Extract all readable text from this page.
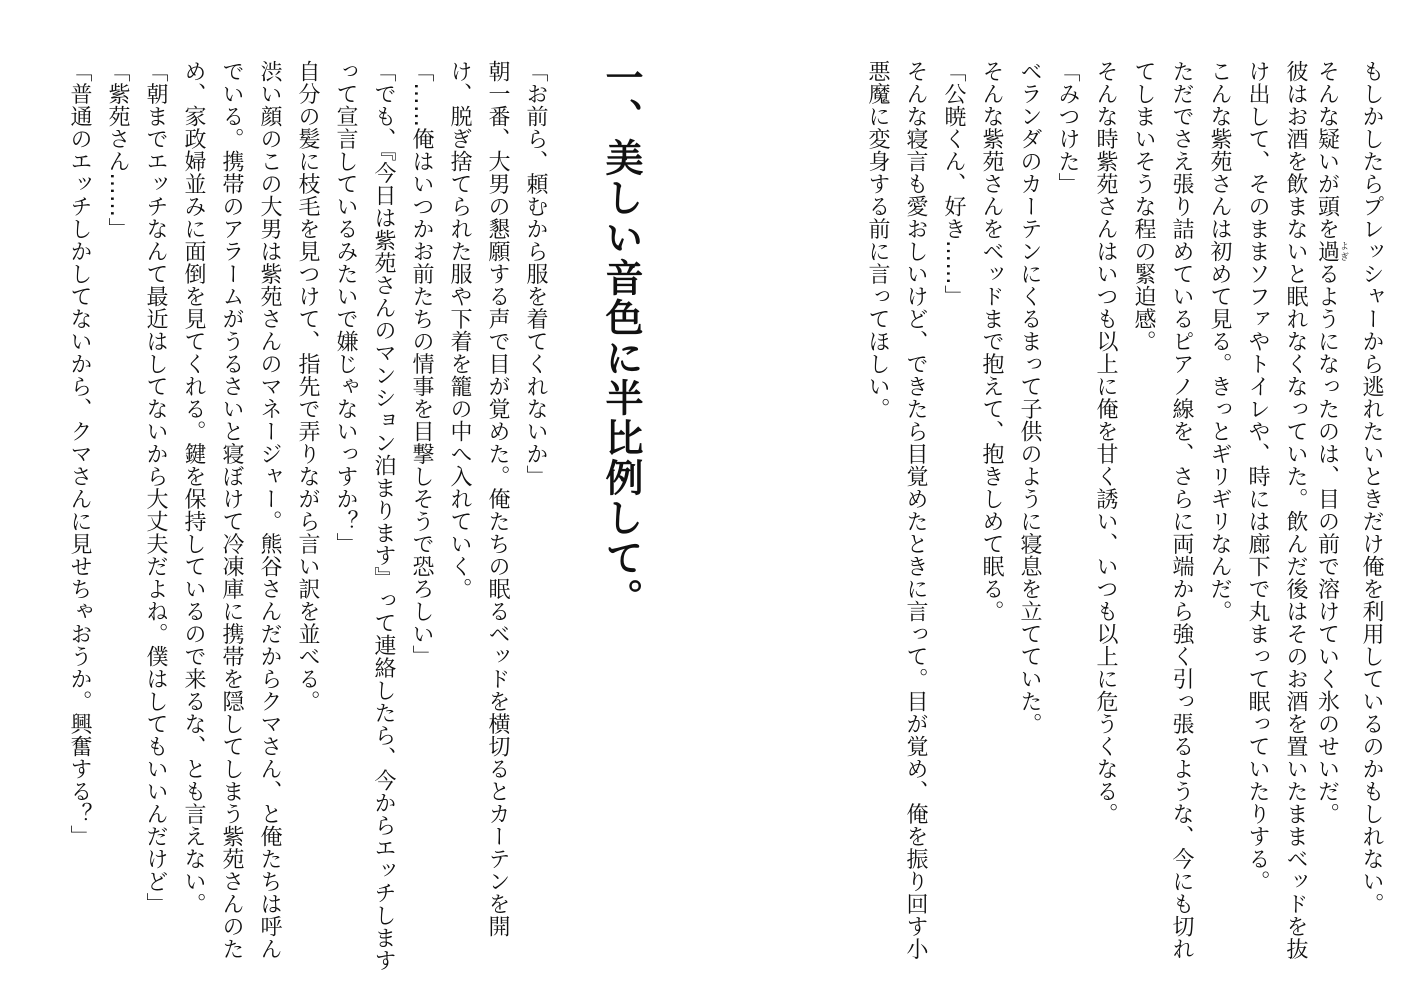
もしかしたらプレッシャーから逃れたいときだけ俺を利用しているのかもしれない。
そんな疑いが頭を過よぎるようになったのは、目の前で溶けていく氷のせいだ。
彼はお酒を飲まないと眠れなくなっていた。飲んだ後はそのお酒を置いたままベッドを抜
け出して、そのままソファやトイレや、時には廊下で丸まって眠っていたりする。
こんな紫苑さんは初めて見る。きっとギリギリなんだ。
ただでさえ張り詰めているピアノ線を、さらに両端から強く引っ張るような、今にも切れ
てしまいそうな程の緊迫感。
そんな時紫苑さんはいつも以上に俺を甘く誘い、いつも以上に危うくなる。
「みつけた」
ベランダのカーテンにくるまって子供のように寝息を立てていた。
そんな紫苑さんをベッドまで抱えて、抱きしめて眠る。
「公暁くん、好き……」
そんな寝言も愛おしいけど、できたら目覚めたときに言って。目が覚め、俺を振り回す小
悪魔に変身する前に言ってほしい。
一、美しい音色に半比例して。
「お前ら、頼むから服を着てくれないか」
朝一番、大男の懇願する声で目が覚めた。俺たちの眠るベッドを横切るとカーテンを開
け、脱ぎ捨てられた服や下着を籠の中へ入れていく。
「……俺はいつかお前たちの情事を目撃しそうで恐ろしい」
「でも、『今日は紫苑さんのマンション泊まります』って連絡したら、今からエッチします
って宣言しているみたいで嫌じゃないっすか？」
自分の髪に枝毛を見つけて、指先で弄りながら言い訳を並べる。
渋い顔のこの大男は紫苑さんのマネージャー。熊谷さんだからクマさん、と俺たちは呼ん
でいる。携帯のアラームがうるさいと寝ぼけて冷凍庫に携帯を隠してしまう紫苑さんのた
め、家政婦並みに面倒を見てくれる。鍵を保持しているので来るな、とも言えない。
「朝までエッチなんて最近はしてないから大丈夫だよね。僕はしてもいいんだけど」
「紫苑さん……」
「普通のエッチしかしてないから、クマさんに見せちゃおうか。興奮する？」
